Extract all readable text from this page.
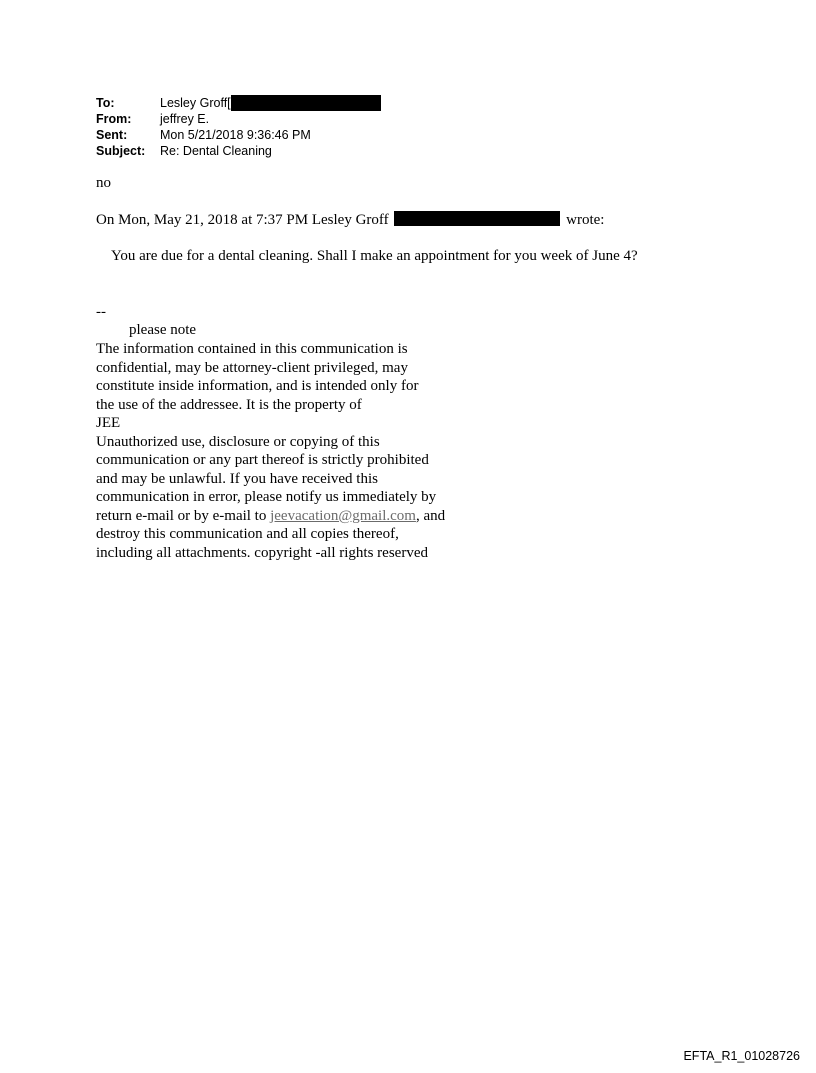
To:	Lesley Groff[
From:	jeffrey E.
Sent:	Mon 5/21/2018 9:36:46 PM
Subject:	Re: Dental Cleaning
no
On Mon, May 21, 2018 at 7:37 PM Lesley Groff	wrote:
You are due for a dental cleaning. Shall I make an appointment for you week of June 4?
--
please note
The information contained in this communication is
confidential, may be attorney-client privileged, may
constitute inside information, and is intended only for
the use of the addressee. It is the property of
JEE
Unauthorized use, disclosure or copying of this
communication or any part thereof is strictly prohibited
and may be unlawful. If you have received this
communication in error, please notify us immediately by
return e-mail or by e-mail to jeevacation@gmail.com, and
destroy this communication and all copies thereof,
including all attachments. copyright -all rights reserved
EFTA_R1_01028726
